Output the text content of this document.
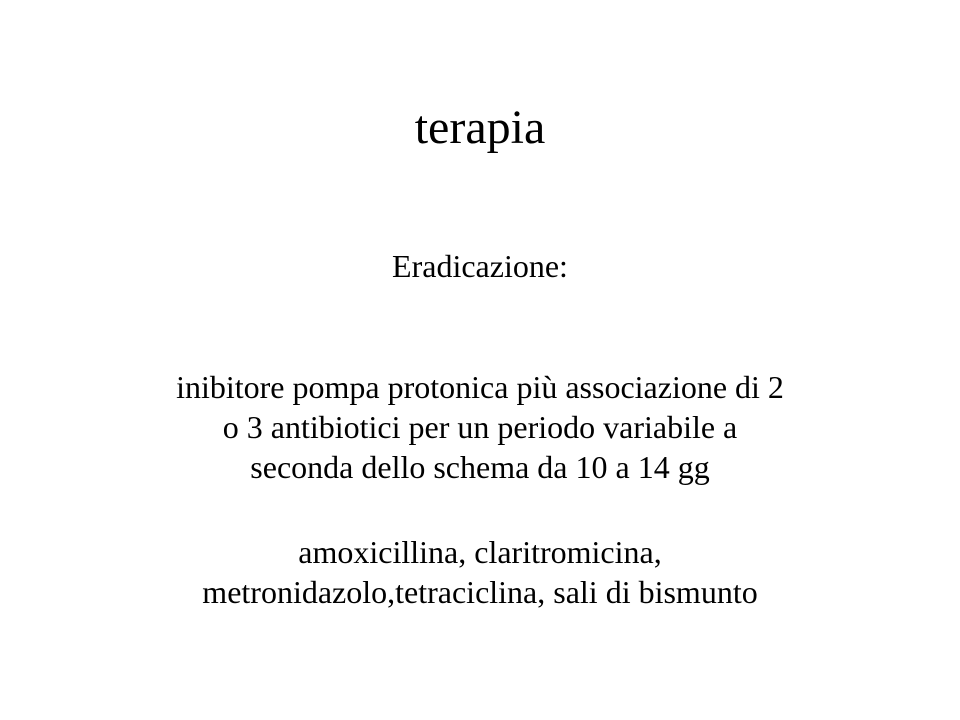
terapia

Eradicazione:

inibitore pompa protonica più associazione di 2
o 3 antibiotici per un periodo variabile a
seconda dello schema da 10 a 14 gg

amoxicillina, claritromicina,
metronidazolo,tetraciclina, sali di bismunto
